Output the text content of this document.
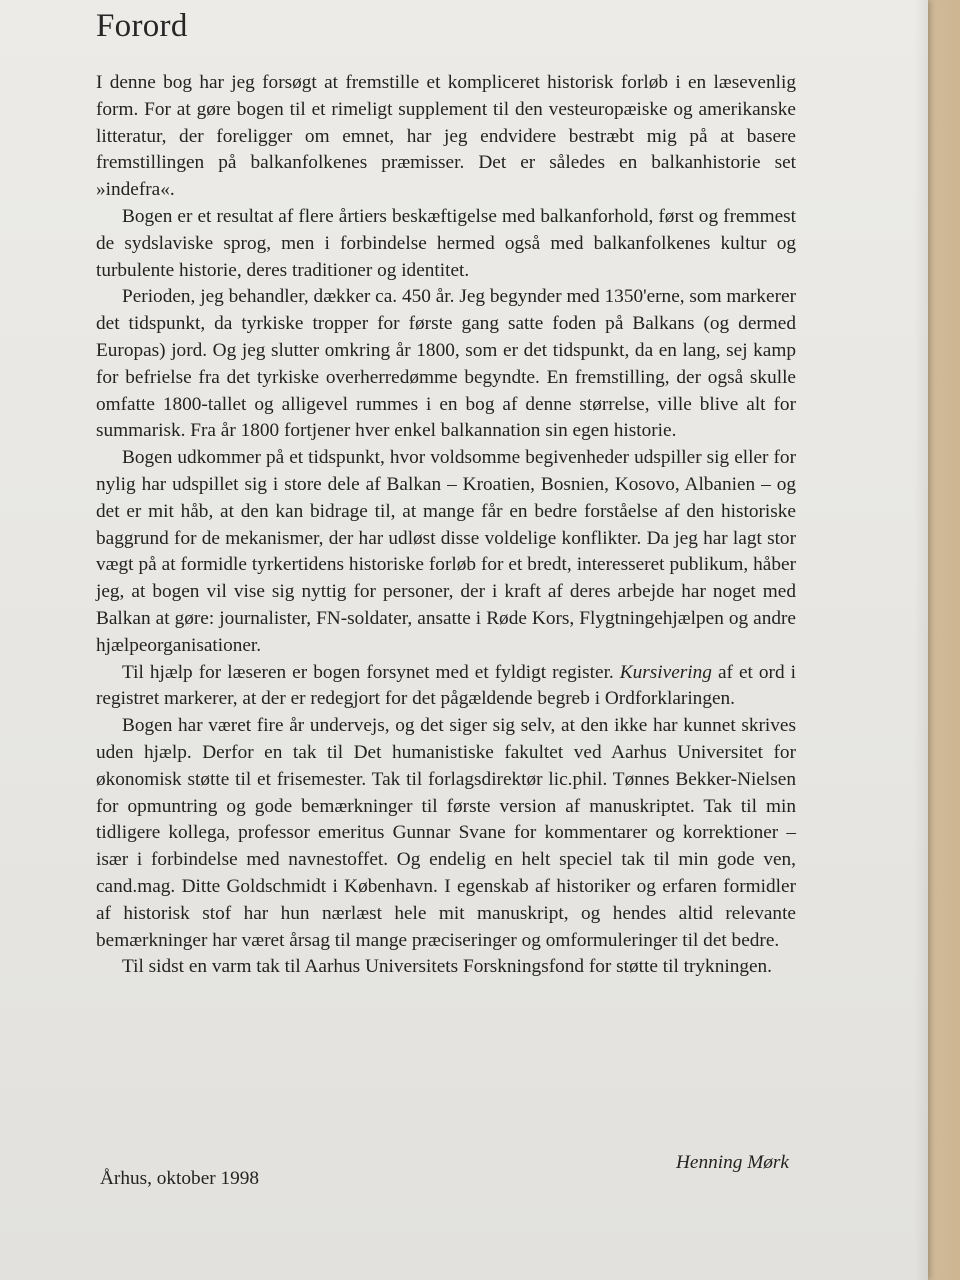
Forord

I denne bog har jeg forsøgt at fremstille et kompliceret historisk forløb i en læsevenlig form. For at gøre bogen til et rimeligt supplement til den vesteuropæiske og amerikanske litteratur, der foreligger om emnet, har jeg endvidere bestræbt mig på at basere fremstillingen på balkanfolkenes præmisser. Det er således en balkanhistorie set »indefra«.

Bogen er et resultat af flere årtiers beskæftigelse med balkanforhold, først og fremmest de sydslaviske sprog, men i forbindelse hermed også med balkanfolkenes kultur og turbulente historie, deres traditioner og identitet.

Perioden, jeg behandler, dækker ca. 450 år. Jeg begynder med 1350'erne, som markerer det tidspunkt, da tyrkiske tropper for første gang satte foden på Balkans (og dermed Europas) jord. Og jeg slutter omkring år 1800, som er det tidspunkt, da en lang, sej kamp for befrielse fra det tyrkiske overherredømme begyndte. En fremstilling, der også skulle omfatte 1800-tallet og alligevel rummes i en bog af denne størrelse, ville blive alt for summarisk. Fra år 1800 fortjener hver enkel balkannation sin egen historie.

Bogen udkommer på et tidspunkt, hvor voldsomme begivenheder udspiller sig eller for nylig har udspillet sig i store dele af Balkan – Kroatien, Bosnien, Kosovo, Albanien – og det er mit håb, at den kan bidrage til, at mange får en bedre forståelse af den historiske baggrund for de mekanismer, der har udløst disse voldelige konflikter. Da jeg har lagt stor vægt på at formidle tyrkertidens historiske forløb for et bredt, interesseret publikum, håber jeg, at bogen vil vise sig nyttig for personer, der i kraft af deres arbejde har noget med Balkan at gøre: journalister, FN-soldater, ansatte i Røde Kors, Flygtningehjælpen og andre hjælpeorganisationer.

Til hjælp for læseren er bogen forsynet med et fyldigt register. Kursivering af et ord i registret markerer, at der er redegjort for det pågældende begreb i Ordforklaringen.

Bogen har været fire år undervejs, og det siger sig selv, at den ikke har kunnet skrives uden hjælp. Derfor en tak til Det humanistiske fakultet ved Aarhus Universitet for økonomisk støtte til et frisemester. Tak til forlagsdirektør lic.phil. Tønnes Bekker-Nielsen for opmuntring og gode bemærkninger til første version af manuskriptet. Tak til min tidligere kollega, professor emeritus Gunnar Svane for kommentarer og korrektioner – især i forbindelse med navnestoffet. Og endelig en helt speciel tak til min gode ven, cand.mag. Ditte Goldschmidt i København. I egenskab af historiker og erfaren formidler af historisk stof har hun nærlæst hele mit manuskript, og hendes altid relevante bemærkninger har været årsag til mange præciseringer og omformuleringer til det bedre.

Til sidst en varm tak til Aarhus Universitets Forskningsfond for støtte til trykningen.

Henning Mørk

Århus, oktober 1998
